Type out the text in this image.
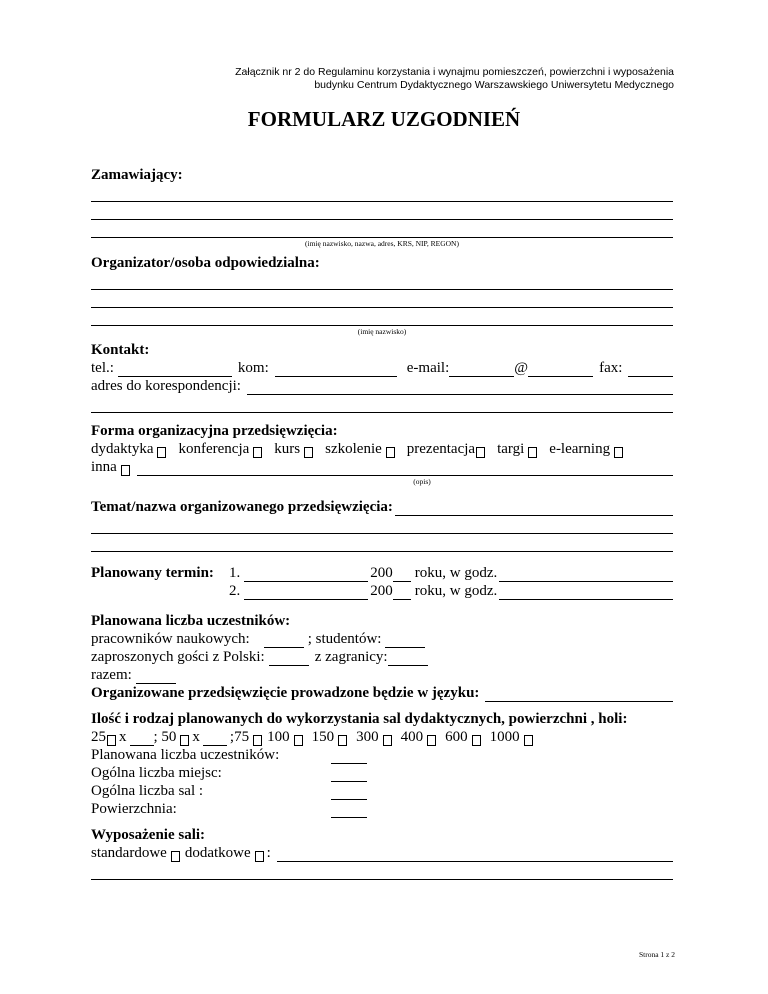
Załącznik nr 2 do Regulaminu korzystania i wynajmu pomieszczeń, powierzchni i wyposażenia
budynku Centrum Dydaktycznego Warszawskiego Uniwersytetu Medycznego
FORMULARZ UZGODNIEŃ
Zamawiający:
(imię nazwisko, nazwa, adres, KRS, NIP, REGON)
Organizator/osoba odpowiedzialna:
(imię nazwisko)
Kontakt:
tel.:	kom:	e-mail:	@	fax:
adres do korespondencji:
Forma organizacyjna przedsięwzięcia:
dydaktyka konferencja kurs szkolenie prezentacja targi e-learning
inna
(opis)
Temat/nazwa organizowanego przedsięwzięcia:
Planowany termin:	1.	200 roku, w godz.
2.	200 roku, w godz.
Planowana liczba uczestników:
pracowników naukowych:	; studentów:
zaproszonych gości z Polski:	z zagranicy:
razem:
Organizowane przedsięwzięcie prowadzone będzie w języku:
Ilość i rodzaj planowanych do wykorzystania sal dydaktycznych, powierzchni , holi:
25 x ; 50 x ;75 100 150 300 400 600 1000
Planowana liczba uczestników:
Ogólna liczba miejsc:
Ogólna liczba sal :
Powierzchnia:
Wyposażenie sali:
standardowe dodatkowe :
Strona 1 z 2
